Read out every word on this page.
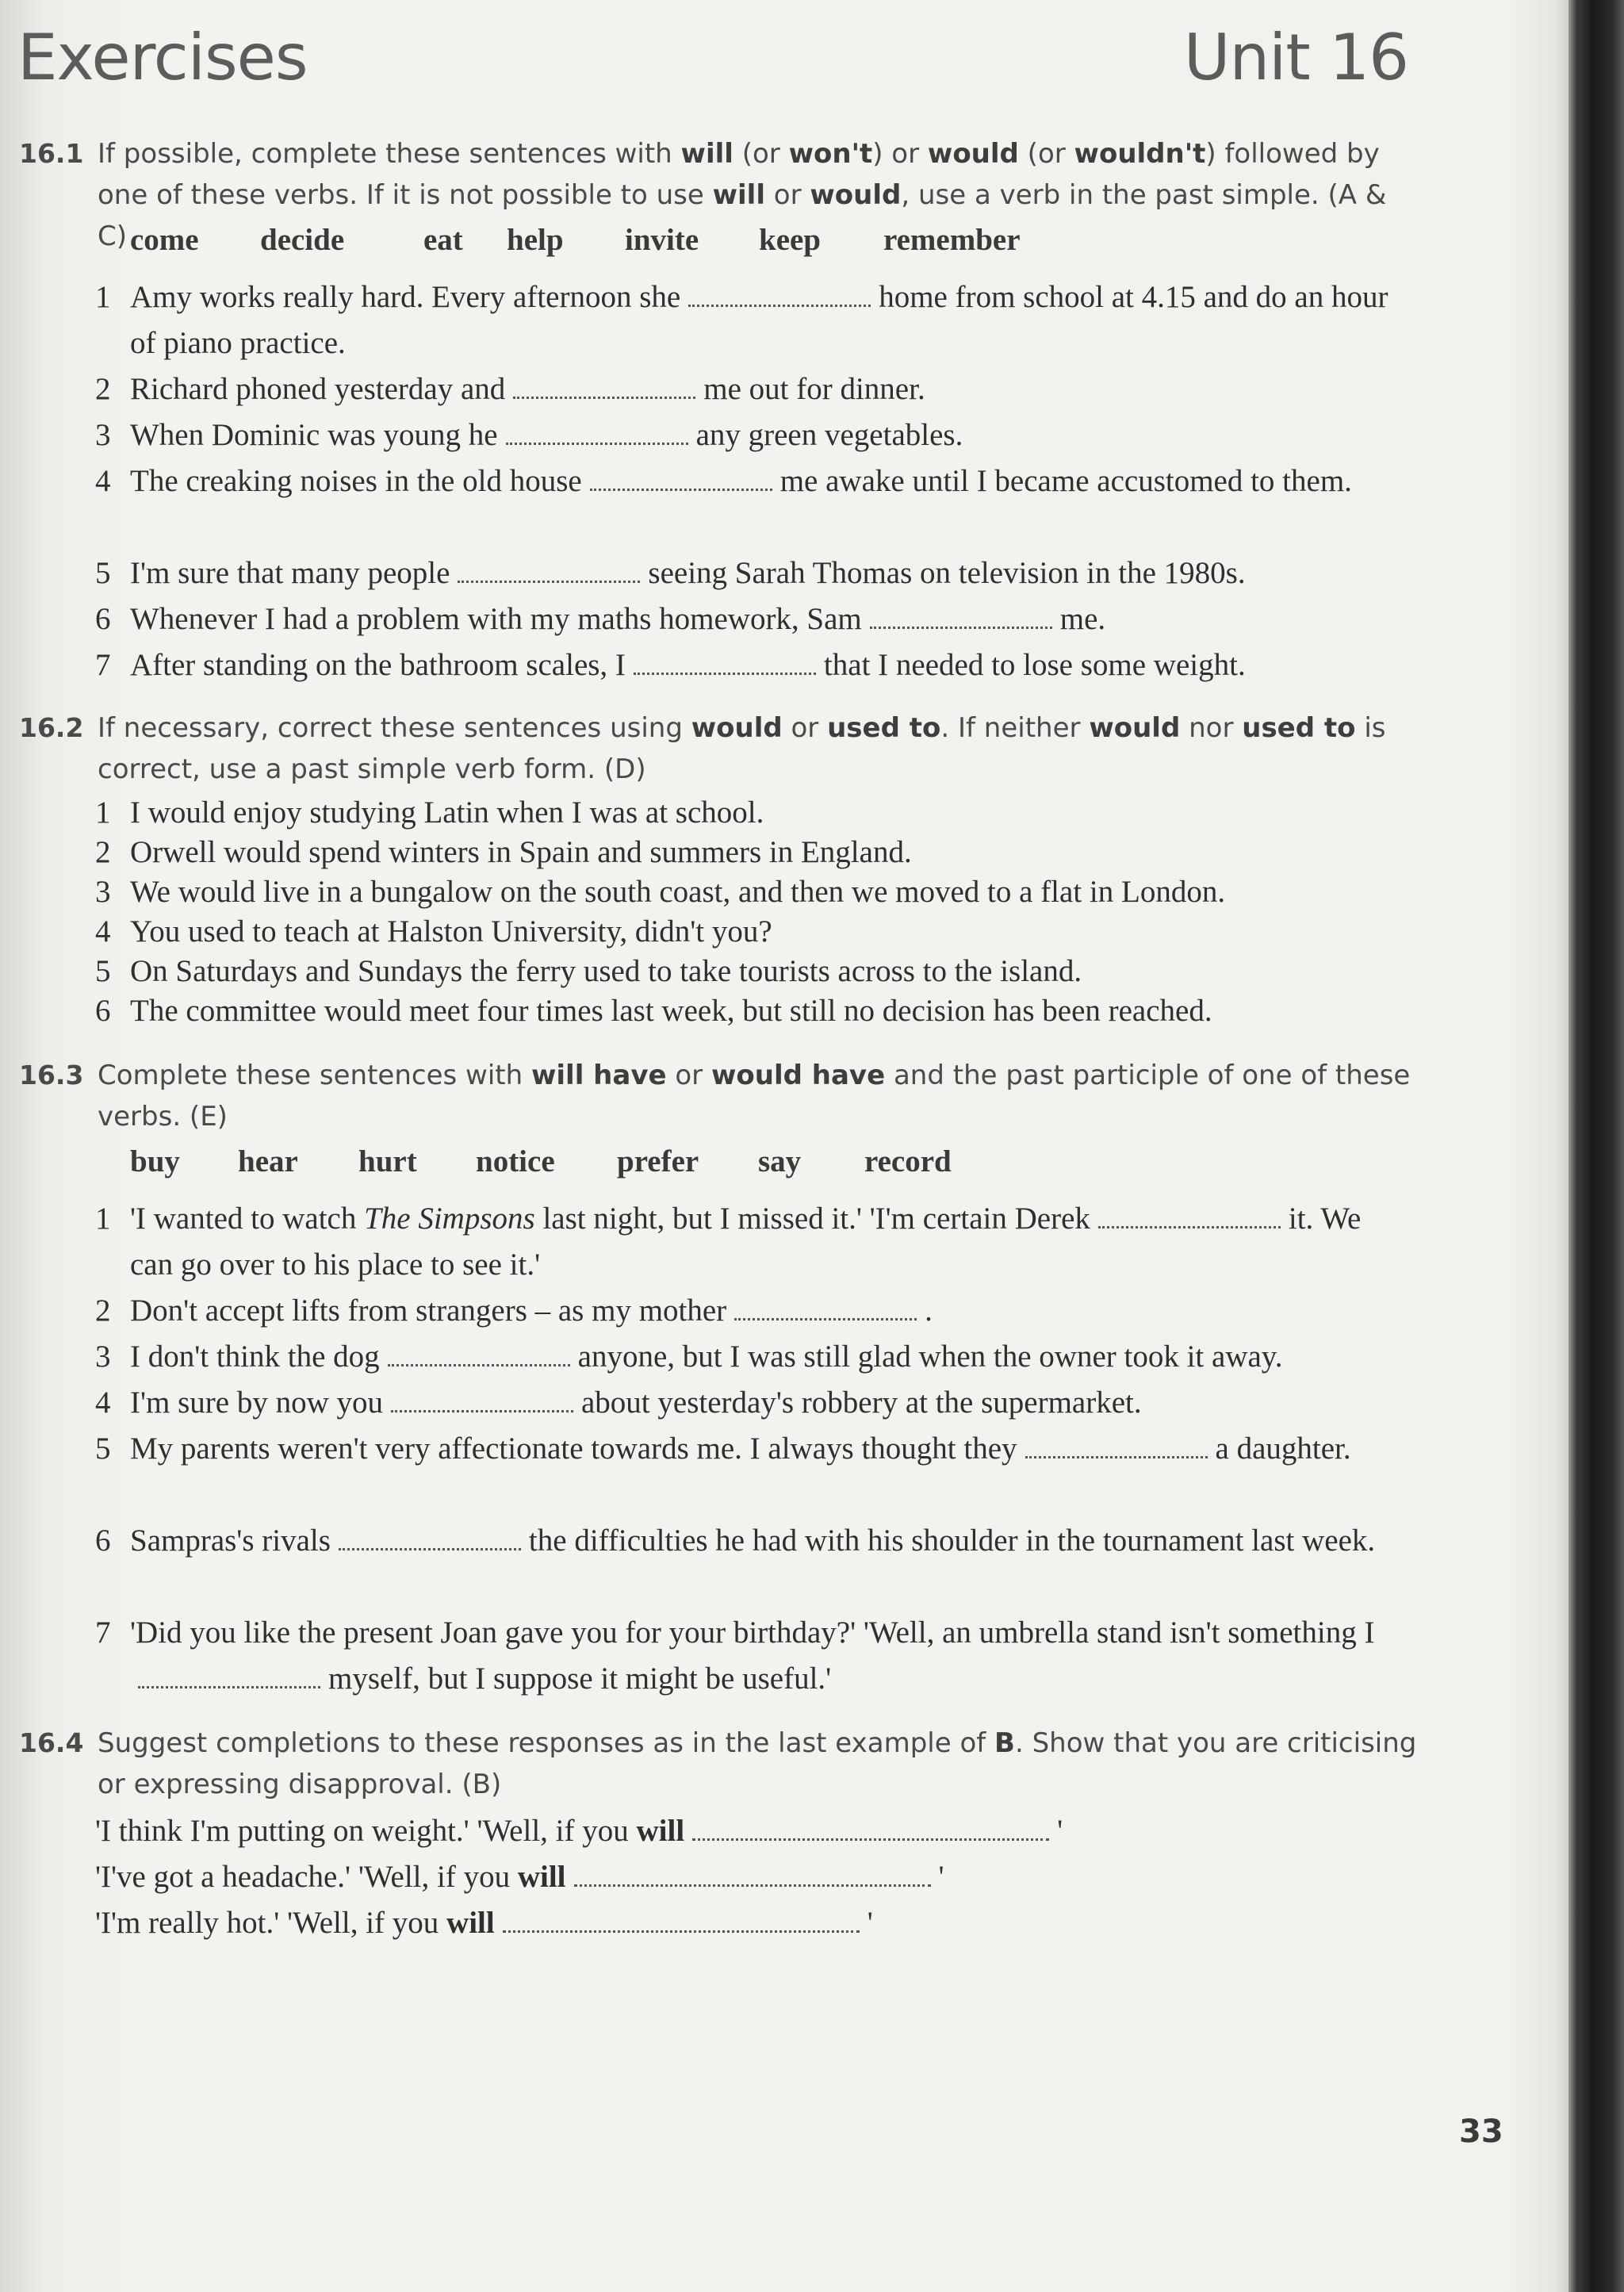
Exercises	Unit 16
16.1 If possible, complete these sentences with will (or won't) or would (or wouldn't) followed by one of these verbs. If it is not possible to use will or would, use a verb in the past simple. (A & C) come decide	eat help invite keep remember
1 Amy works really hard. Every afternoon she	home from school at 4.15 and do an hour of piano practice.
2 Richard phoned yesterday and	me out for dinner.
3 When Dominic was young he	any green vegetables.
4 The creaking noises in the old house	me awake until I became accustomed to them.
5 I'm sure that many people	seeing Sarah Thomas on television in the 1980s.
6 Whenever I had a problem with my maths homework, Sam	me.
7 After standing on the bathroom scales, I	that I needed to lose some weight.
16.2 If necessary, correct these sentences using would or used to. If neither would nor used to is correct, use a past simple verb form. (D)
1 I would enjoy studying Latin when I was at school.
2 Orwell would spend winters in Spain and summers in England.
3 We would live in a bungalow on the south coast, and then we moved to a flat in London.
4 You used to teach at Halston University, didn't you?
5 On Saturdays and Sundays the ferry used to take tourists across to the island.
6 The committee would meet four times last week, but still no decision has been reached.
16.3 Complete these sentences with will have or would have and the past participle of one of these verbs. (E)
buy hear hurt notice prefer say record
1 'I wanted to watch The Simpsons last night, but I missed it.' 'I'm certain Derek	it. We can go over to his place to see it.'
2 Don't accept lifts from strangers – as my mother	.
3 I don't think the dog	anyone, but I was still glad when the owner took it away.
4 I'm sure by now you	about yesterday's robbery at the supermarket.
5 My parents weren't very affectionate towards me. I always thought they	a daughter.
6 Sampras's rivals	the difficulties he had with his shoulder in the tournament last week.
7 'Did you like the present Joan gave you for your birthday?' 'Well, an umbrella stand isn't something Imyself, but I suppose it might be useful.'
16.4 Suggest completions to these responses as in the last example of B. Show that you are criticising or expressing disapproval. (B)
'I think I'm putting on weight.' 'Well, if you will	'
'I've got a headache.' 'Well, if you will	'
'I'm really hot.' 'Well, if you will	'
33
